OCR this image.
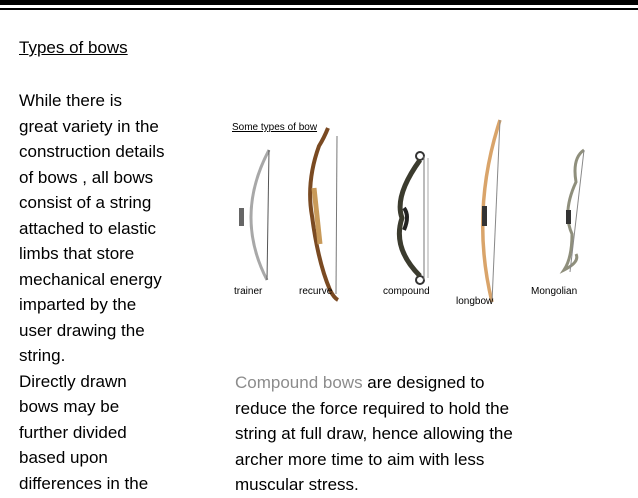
Types of bows
While there is
great variety in the
construction details
of bows , all bows
consist of a string
attached to elastic
limbs that store
mechanical energy
imparted by the
user drawing the
string.
Directly drawn
bows may be
further divided
based upon
differences in the
Some types of bow
trainer	recurve	compound
longbow
Mongolian
Compound bows are designed to
reduce the force required to hold the
string at full draw, hence allowing the
archer more time to aim with less
muscular stress.
